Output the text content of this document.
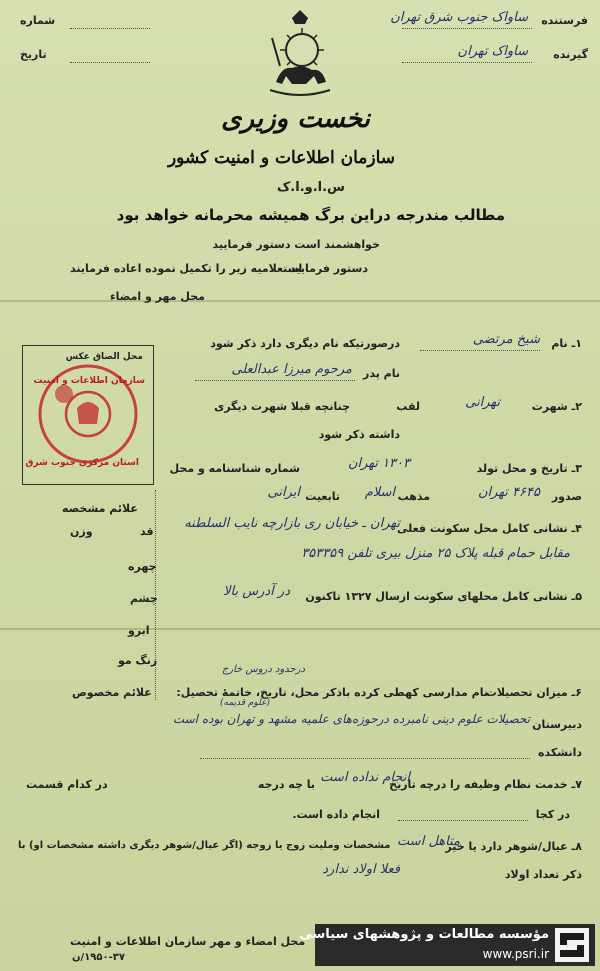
فرستنده
ساواک جنوب شرق تهران
گیرنده
ساواک تهران
شماره
تاریخ
نخست وزیری
سازمان اطلاعات و امنیت کشور
س.ا.و.ا.ک
مطالب مندرجه دراین برگ همیشه محرمانه خواهد بود
خواهشمند است دستور فرمایید
دستور فرمایید
استعلامیه زیر را تکمیل نموده اعاده فرمایند
محل مهر و امضاء
محل الصاق عکس
سازمان اطلاعات و امنیت
استان مرکزی جنوب شرق
علائم مشخصه
قد
وزن
چهره
چشم
ابرو
رنگ مو
علائم مخصوص
۱ـ نام
شیخ مرتضی
درصورتیکه نام دیگری دارد ذکر شود
نام پدر
مرحوم میرزا عبدالعلی
۲ـ شهرت
تهرانی
لقب
چنانچه قبلا شهرت دیگری
داشته ذکر شود
۳ـ تاریخ و محل تولد
۱۳۰۳ تهران
شماره شناسنامه و محل
صدور
۴۶۴۵ تهران
مذهب
اسلام
تابعیت
ایرانی
۴ـ نشانی کامل محل سکونت فعلی
تهران ـ خیابان ری بازارچه نایب السلطنه
مقابل حمام قبله پلاک ۲۵ منزل بیری تلفن ۳۵۳۳۵۹
۵ـ نشانی کامل محلهای سکونت ازسال ۱۳۲۷ تاکنون
در آدرس بالا
درحدود دروس خارج
۶ـ میزان تحصیلات
نام مدارسی کهطی کرده باذکر محل، تاریخ، خاتمهٔ تحصیل:
(علوم قدیمه)
دبیرستان
تحصیلات علوم دینی نامبرده درحوزه‌های علمیه مشهد و تهران بوده است
دانشکده
۷ـ خدمت نظام وظیفه را درچه تاریخ
انجام نداده است
با چه درجه
در کدام قسمت
در کجا
انجام داده است.
۸ـ عیال/شوهر دارد یا خیر
متاهل است
مشخصات وملیت زوج یا زوجه (اگر عیال/شوهر دیگری داشته مشخصات او) با
ذکر تعداد اولاد
فعلا اولاد ندارد
محل امضاء و مهر سازمان اطلاعات و امنیت
۱۹۵۰-۳۷/ن
مؤسسه مطالعات و پژوهشهای سیاسی
www.psri.ir
